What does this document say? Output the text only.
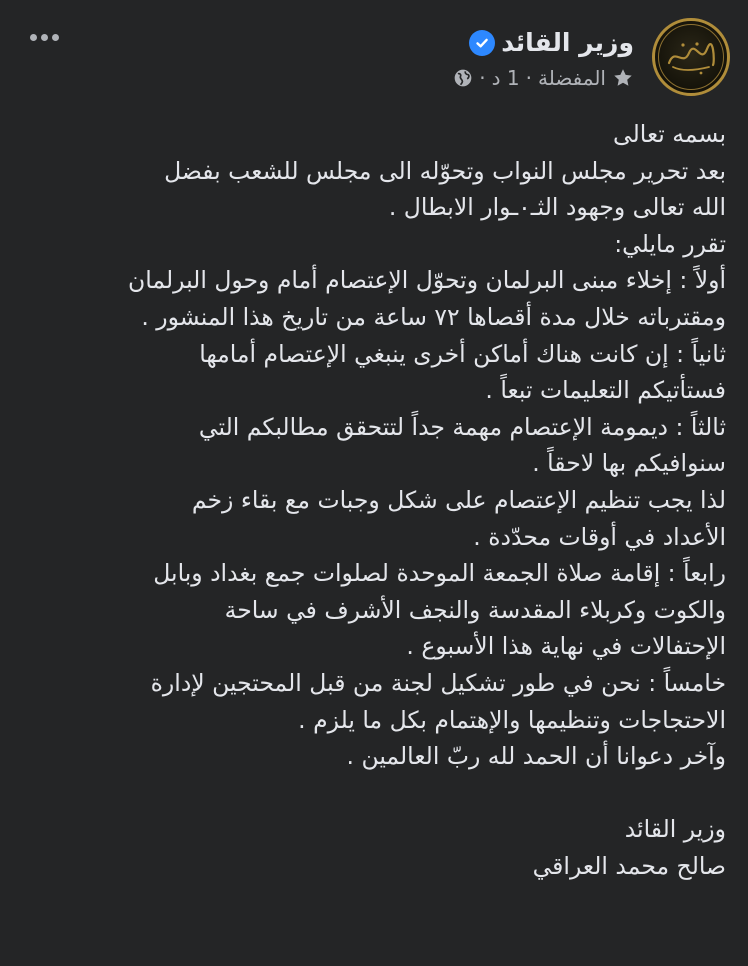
وزير القائد
المفضلة
·
1 د
·
بسمه تعالى
بعد تحرير مجلس النواب وتحوّله الى مجلس للشعب بفضل
الله تعالى وجهود الثـ٠ـوار الابطال .
تقرر مايلي:
أولاً : إخلاء مبنى البرلمان وتحوّل الإعتصام أمام وحول البرلمان
ومقترباته خلال مدة أقصاها ٧٢ ساعة من تاريخ هذا المنشور .
ثانياً : إن كانت هناك أماكن أخرى ينبغي الإعتصام أمامها
فستأتيكم التعليمات تبعاً .
ثالثاً : ديمومة الإعتصام مهمة جداً لتتحقق مطالبكم التي
سنوافيكم بها لاحقاً .
لذا يجب تنظيم الإعتصام على شكل وجبات مع بقاء زخم
الأعداد في أوقات محدّدة .
رابعاً : إقامة صلاة الجمعة الموحدة لصلوات جمع بغداد وبابل
والكوت وكربلاء المقدسة والنجف الأشرف في ساحة
الإحتفالات في نهاية هذا الأسبوع .
خامساً : نحن في طور تشكيل لجنة من قبل المحتجين لإدارة
الاحتجاجات وتنظيمها والإهتمام بكل ما يلزم .
وآخر دعوانا أن الحمد لله ربّ العالمين .
وزير القائد
صالح محمد العراقي
